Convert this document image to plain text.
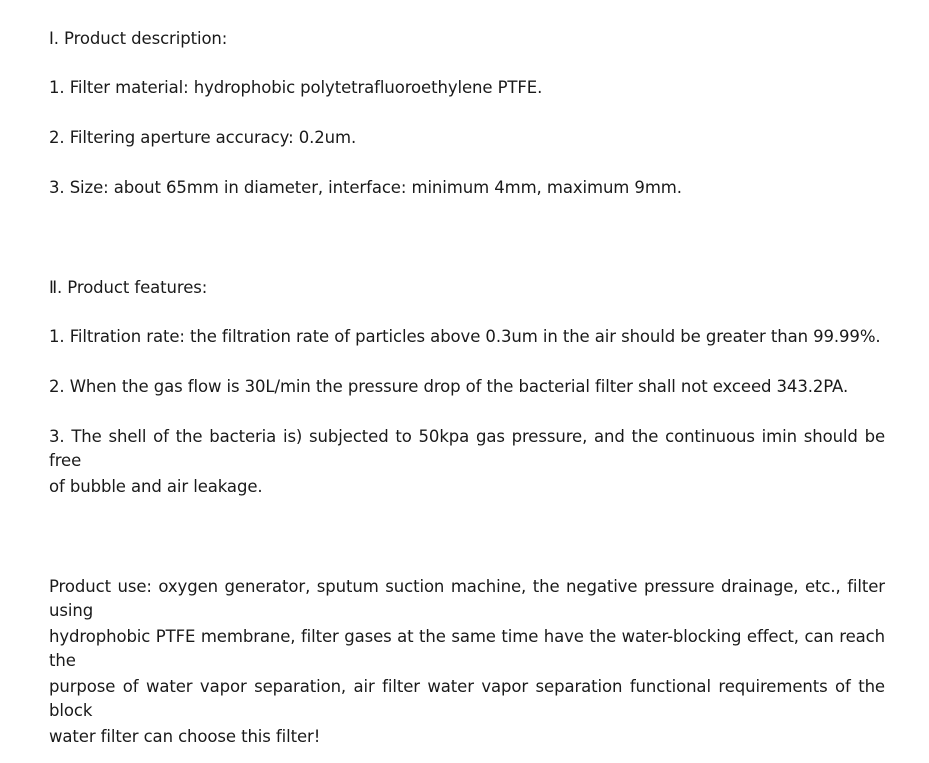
Ⅰ. Product description:
1. Filter material: hydrophobic polytetrafluoroethylene PTFE.
2. Filtering aperture accuracy: 0.2um.
3. Size: about 65mm in diameter, interface: minimum 4mm, maximum 9mm.
Ⅱ. Product features:
1. Filtration rate: the filtration rate of particles above 0.3um in the air should be greater than 99.99%.
2. When the gas flow is 30L/min the pressure drop of the bacterial filter shall not exceed 343.2PA.
3. The shell of the bacteria is) subjected to 50kpa gas pressure, and the continuous imin should be free
of bubble and air leakage.
Product use: oxygen generator, sputum suction machine, the negative pressure drainage, etc., filter using
hydrophobic PTFE membrane, filter gases at the same time have the water-blocking effect, can reach the
purpose of water vapor separation, air filter water vapor separation functional requirements of the block
water filter can choose this filter!
